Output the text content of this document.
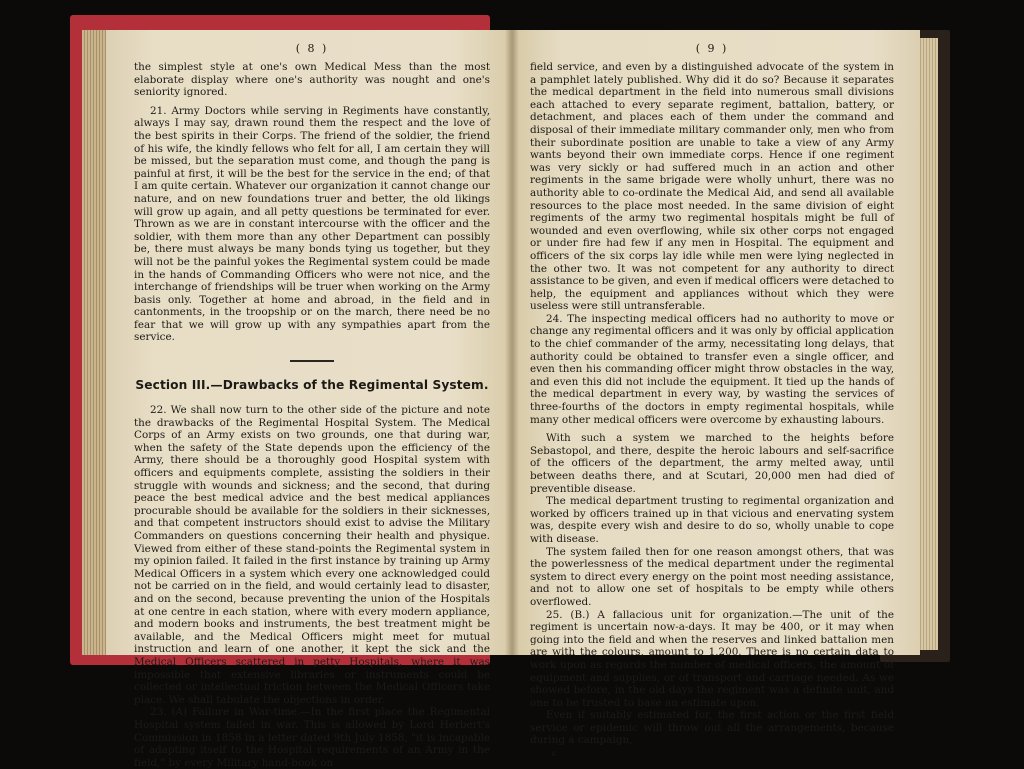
( 8 )

the simplest style at one's own Medical Mess than the most elaborate display where one's authority was nought and one's seniority ignored.

21. Army Doctors while serving in Regiments have constantly, always I may say, drawn round them the respect and the love of the best spirits in their Corps. The friend of the soldier, the friend of his wife, the kindly fellows who felt for all, I am certain they will be missed, but the separation must come, and though the pang is painful at first, it will be the best for the service in the end; of that I am quite certain. Whatever our organization it cannot change our nature, and on new foundations truer and better, the old likings will grow up again, and all petty questions be terminated for ever. Thrown as we are in constant intercourse with the officer and the soldier, with them more than any other Department can possibly be, there must always be many bonds tying us together, but they will not be the painful yokes the Regimental system could be made in the hands of Commanding Officers who were not nice, and the interchange of friendships will be truer when working on the Army basis only. Together at home and abroad, in the field and in cantonments, in the troopship or on the march, there need be no fear that we will grow up with any sympathies apart from the service.

Section III.—Drawbacks of the Regimental System.

22. We shall now turn to the other side of the picture and note the drawbacks of the Regimental Hospital System. The Medical Corps of an Army exists on two grounds, one that during war, when the safety of the State depends upon the efficiency of the Army, there should be a thoroughly good Hospital system with officers and equipments complete, assisting the soldiers in their struggle with wounds and sickness; and the second, that during peace the best medical advice and the best medical appliances procurable should be available for the soldiers in their sicknesses, and that competent instructors should exist to advise the Military Commanders on questions concerning their health and physique. Viewed from either of these stand-points the Regimental system in my opinion failed. It failed in the first instance by training up Army Medical Officers in a system which every one acknowledged could not be carried on in the field, and would certainly lead to disaster, and on the second, because preventing the union of the Hospitals at one centre in each station, where with every modern appliance, and modern books and instruments, the best treatment might be available, and the Medical Officers might meet for mutual instruction and learn of one another, it kept the sick and the Medical Officers scattered in petty Hospitals, where it was impossible that extensive libraries or instruments could be collected or intellectual friction between the Medical Officers take place. We shall tabulate the objections in order.

23. (A) Failure in War-time.—In the first place the Regimental Hospital system failed in war. This is allowed by Lord Herbert's Commission in 1858 in a letter dated 9th July 1858, "it is incapable of adapting itself to the Hospital requirements of an Army in the field," by every Military hand-book on

( 9 )

field service, and even by a distinguished advocate of the system in a pamphlet lately published. Why did it do so? Because it separates the medical department in the field into numerous small divisions each attached to every separate regiment, battalion, battery, or detachment, and places each of them under the command and disposal of their immediate military commander only, men who from their subordinate position are unable to take a view of any Army wants beyond their own immediate corps. Hence if one regiment was very sickly or had suffered much in an action and other regiments in the same brigade were wholly unhurt, there was no authority able to co-ordinate the Medical Aid, and send all available resources to the place most needed. In the same division of eight regiments of the army two regimental hospitals might be full of wounded and even overflowing, while six other corps not engaged or under fire had few if any men in Hospital. The equipment and officers of the six corps lay idle while men were lying neglected in the other two. It was not competent for any authority to direct assistance to be given, and even if medical officers were detached to help, the equipment and appliances without which they were useless were still untransferable.

24. The inspecting medical officers had no authority to move or change any regimental officers and it was only by official application to the chief commander of the army, necessitating long delays, that authority could be obtained to transfer even a single officer, and even then his commanding officer might throw obstacles in the way, and even this did not include the equipment. It tied up the hands of the medical department in every way, by wasting the services of three-fourths of the doctors in empty regimental hospitals, while many other medical officers were overcome by exhausting labours.

With such a system we marched to the heights before Sebastopol, and there, despite the heroic labours and self-sacrifice of the officers of the department, the army melted away, until between deaths there, and at Scutari, 20,000 men had died of preventible disease.

The medical department trusting to regimental organization and worked by officers trained up in that vicious and enervating system was, despite every wish and desire to do so, wholly unable to cope with disease.

The system failed then for one reason amongst others, that was the powerlessness of the medical department under the regimental system to direct every energy on the point most needing assistance, and not to allow one set of hospitals to be empty while others overflowed.

25. (B.) A fallacious unit for organization.—The unit of the regiment is uncertain now-a-days. It may be 400, or it may when going into the field and when the reserves and linked battalion men are with the colours, amount to 1,200. There is no certain data to work upon as regards the number of medical officers, the amount of equipment and supplies, or of transport and carriage needed. As we showed before, in the old days the regiment was a definite unit, and one to be trusted to base an estimate upon.

Even if suitably estimated for, the first action or the first field service or epidemic will throw out all the arrangements, because during a campaign,

c
